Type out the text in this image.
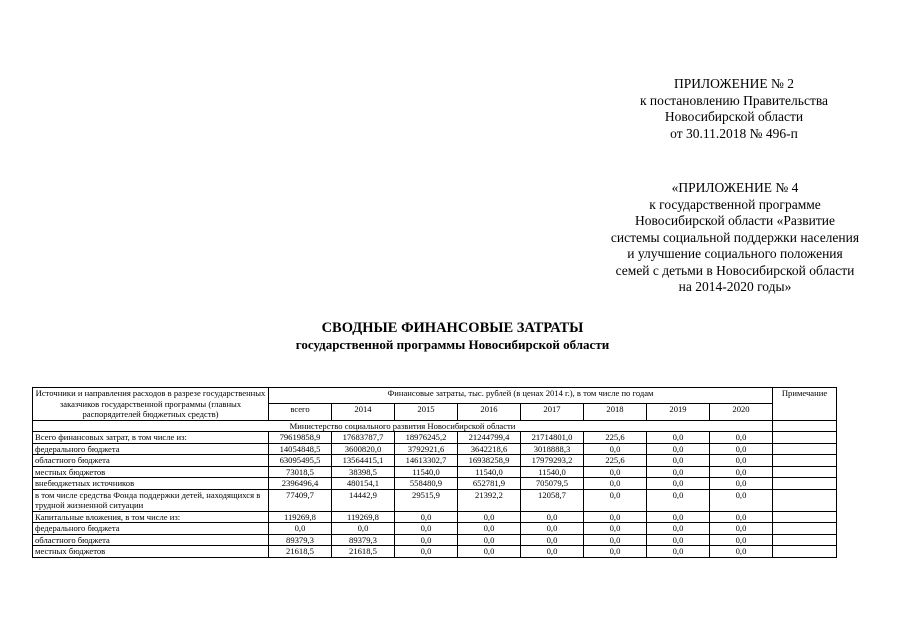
ПРИЛОЖЕНИЕ № 2
к постановлению Правительства
Новосибирской области
от 30.11.2018 № 496-п
«ПРИЛОЖЕНИЕ № 4
к государственной программе
Новосибирской области «Развитие
системы социальной поддержки населения
и улучшение социального положения
семей с детьми в Новосибирской области
на 2014-2020 годы»
СВОДНЫЕ ФИНАНСОВЫЕ ЗАТРАТЫ
государственной программы Новосибирской области
Источники и направления расходов в разрезе государственных заказчиков государственной программы (главных распорядителей бюджетных средств)	Финансовые затраты, тыс. рублей (в ценах 2014 г.), в том числе по годам								Примечание
	всего	2014	2015	2016	2017	2018	2019	2020	
Министерство социального развития Новосибирской области									
Всего финансовых затрат, в том числе из:	79619858,9	17683787,7	18976245,2	21244799,4	21714801,0	225,6	0,0	0,0	
федерального бюджета	14054848,5	3600820,0	3792921,6	3642218,6	3018888,3	0,0	0,0	0,0	
областного бюджета	63095495,5	13564415,1	14613302,7	16938258,9	17979293,2	225,6	0,0	0,0	
местных бюджетов	73018,5	38398,5	11540,0	11540,0	11540,0	0,0	0,0	0,0	
внебюджетных источников	2396496,4	480154,1	558480,9	652781,9	705079,5	0,0	0,0	0,0	
в том числе средства Фонда поддержки детей, находящихся в трудной жизненной ситуации	77409,7	14442,9	29515,9	21392,2	12058,7	0,0	0,0	0,0	
Капитальные вложения, в том числе из:	119269,8	119269,8	0,0	0,0	0,0	0,0	0,0	0,0	
федерального бюджета	0,0	0,0	0,0	0,0	0,0	0,0	0,0	0,0	
областного бюджета	89379,3	89379,3	0,0	0,0	0,0	0,0	0,0	0,0	
местных бюджетов	21618,5	21618,5	0,0	0,0	0,0	0,0	0,0	0,0	
